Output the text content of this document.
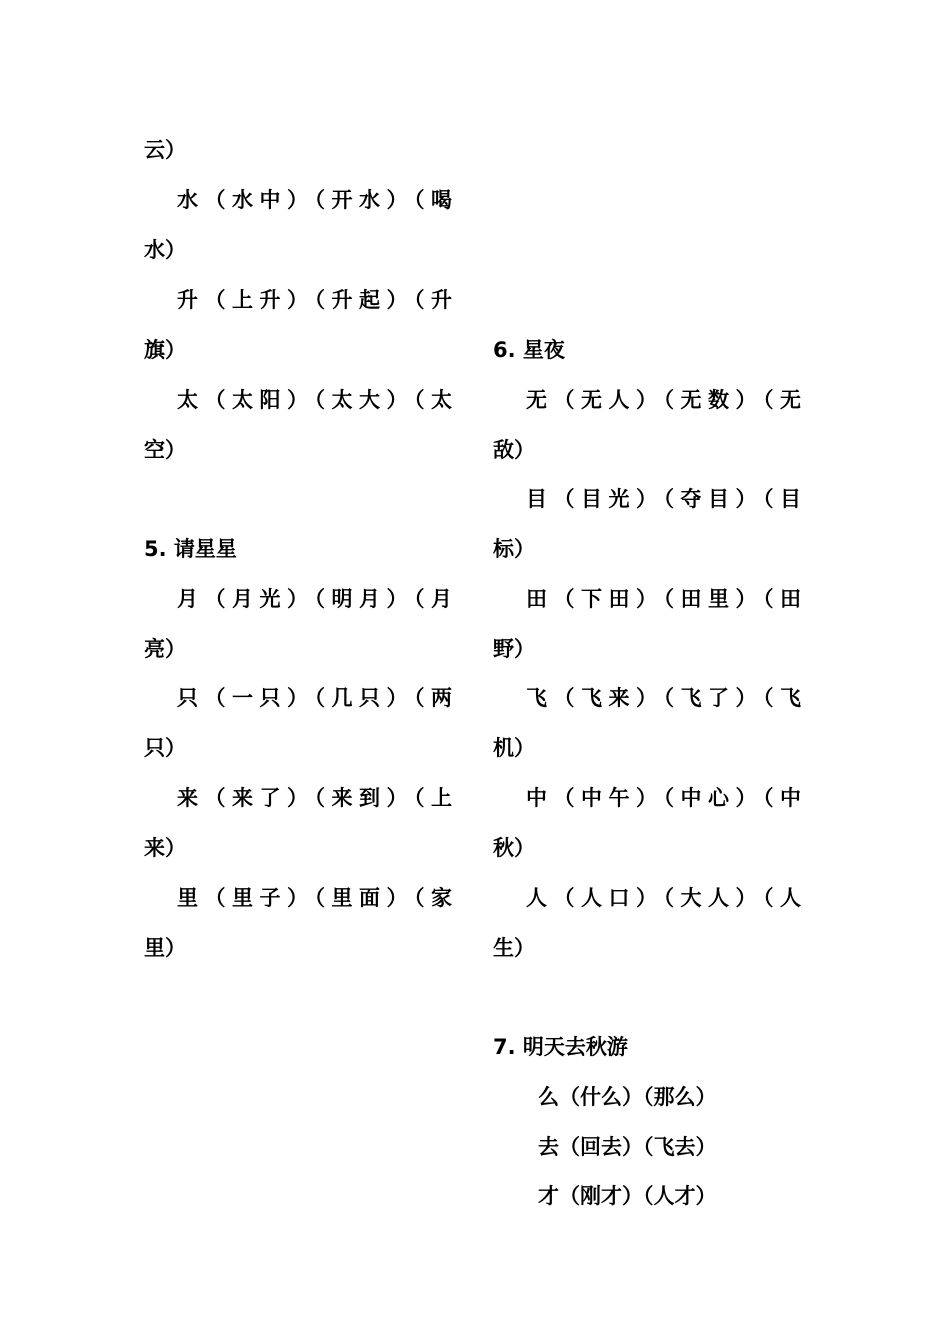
云）
水（水中）（开水）（喝
水）
升（上升）（升起）（升
旗）
太（太阳）（太大）（太
空）
5. 请星星
月（月光）（明月）（月
亮）
只（一只）（几只）（两
只）
来（来了）（来到）（上
来）
里（里子）（里面）（家
里）
6. 星夜
无（无人）（无数）（无
敌）
目（目光）（夺目）（目
标）
田（下田）（田里）（田
野）
飞（飞来）（飞了）（飞
机）
中（中午）（中心）（中
秋）
人（人口）（大人）（人
生）
7. 明天去秋游
么（什么）（那么）
去（回去）（飞去）
才（刚才）（人才）
